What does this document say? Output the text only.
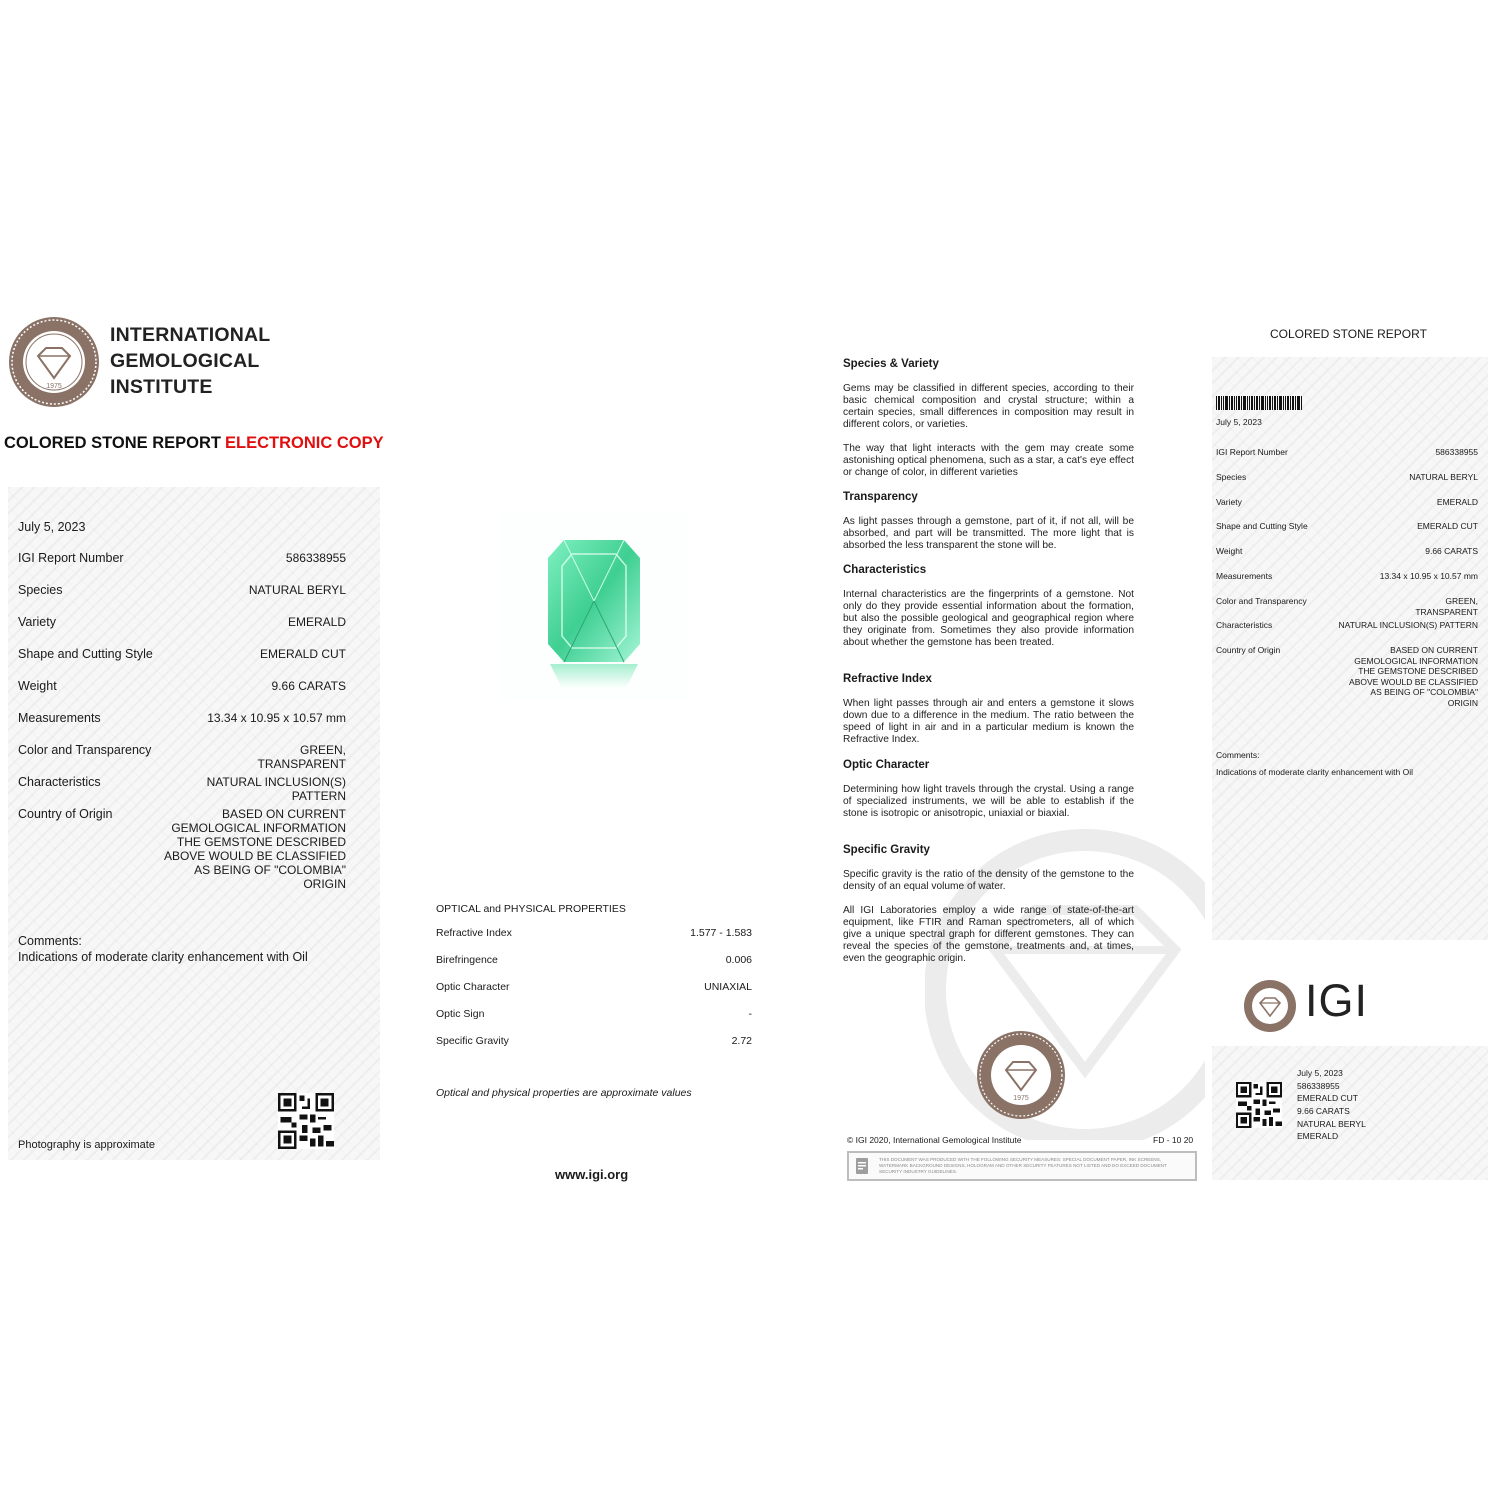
1975
INTERNATIONAL
GEMOLOGICAL
INSTITUTE
COLORED STONE REPORT ELECTRONIC COPY
July 5, 2023
IGI Report Number	586338955
Species	NATURAL BERYL
Variety	EMERALD
Shape and Cutting Style	EMERALD CUT
Weight	9.66 CARATS
Measurements	13.34 x 10.95 x 10.57 mm
Color and Transparency	GREEN,
TRANSPARENT
Characteristics	NATURAL INCLUSION(S)
PATTERN
Country of Origin	BASED ON CURRENT
GEMOLOGICAL INFORMATION
THE GEMSTONE DESCRIBED
ABOVE WOULD BE CLASSIFIED
AS BEING OF "COLOMBIA"
ORIGIN
Comments:
Indications of moderate clarity enhancement with Oil
Photography is approximate
OPTICAL and PHYSICAL PROPERTIES
Refractive Index	1.577 - 1.583
Birefringence	0.006
Optic Character	UNIAXIAL
Optic Sign	-
Specific Gravity	2.72
Optical and physical properties are approximate values
www.igi.org
Species & Variety
Gems may be classified in different species, according to their basic chemical composition and crystal structure; within a certain species, small differences in composition may result in different colors, or varieties.
The way that light interacts with the gem may create some astonishing optical phenomena, such as a star, a cat's eye effect or change of color, in different varieties
Transparency
As light passes through a gemstone, part of it, if not all, will be absorbed, and part will be transmitted. The more light that is absorbed the less transparent the stone will be.
Characteristics
Internal characteristics are the fingerprints of a gemstone. Not only do they provide essential information about the formation, but also the possible geological and geographical region where they originate from. Sometimes they also provide information about whether the gemstone has been treated.
Refractive Index
When light passes through air and enters a gemstone it slows down due to a difference in the medium. The ratio between the speed of light in air and in a particular medium is known the Refractive Index.
Optic Character
Determining how light travels through the crystal. Using a range of specialized instruments, we will be able to establish if the stone is isotropic or anisotropic, uniaxial or biaxial.
Specific Gravity
Specific gravity is the ratio of the density of the gemstone to the density of an equal volume of water.
All IGI Laboratories employ a wide range of state-of-the-art equipment, like FTIR and Raman spectrometers, all of which give a unique spectral graph for different gemstones. They can reveal the species of the gemstone, treatments and, at times, even the geographic origin.
1975
© IGI 2020, International Gemological Institute	FD - 10 20
THIS DOCUMENT WAS PRODUCED WITH THE FOLLOWING SECURITY MEASURES: SPECIAL DOCUMENT PAPER, INK SCREENS, WATERMARK BACKGROUND DESIGNS, HOLOGRAM AND OTHER SECURITY FEATURES NOT LISTED AND DO EXCEED DOCUMENT SECURITY INDUSTRY GUIDELINES.
COLORED STONE REPORT
July 5, 2023
IGI Report Number	586338955
Species	NATURAL BERYL
Variety	EMERALD
Shape and Cutting Style	EMERALD CUT
Weight	9.66 CARATS
Measurements	13.34 x 10.95 x 10.57 mm
Color and Transparency	GREEN,
TRANSPARENT
Characteristics	NATURAL INCLUSION(S) PATTERN
Country of Origin	BASED ON CURRENT
GEMOLOGICAL INFORMATION
THE GEMSTONE DESCRIBED
ABOVE WOULD BE CLASSIFIED
AS BEING OF "COLOMBIA"
ORIGIN
Comments:
Indications of moderate clarity enhancement with Oil
IGI
July 5, 2023
586338955
EMERALD CUT
9.66 CARATS
NATURAL BERYL
EMERALD
